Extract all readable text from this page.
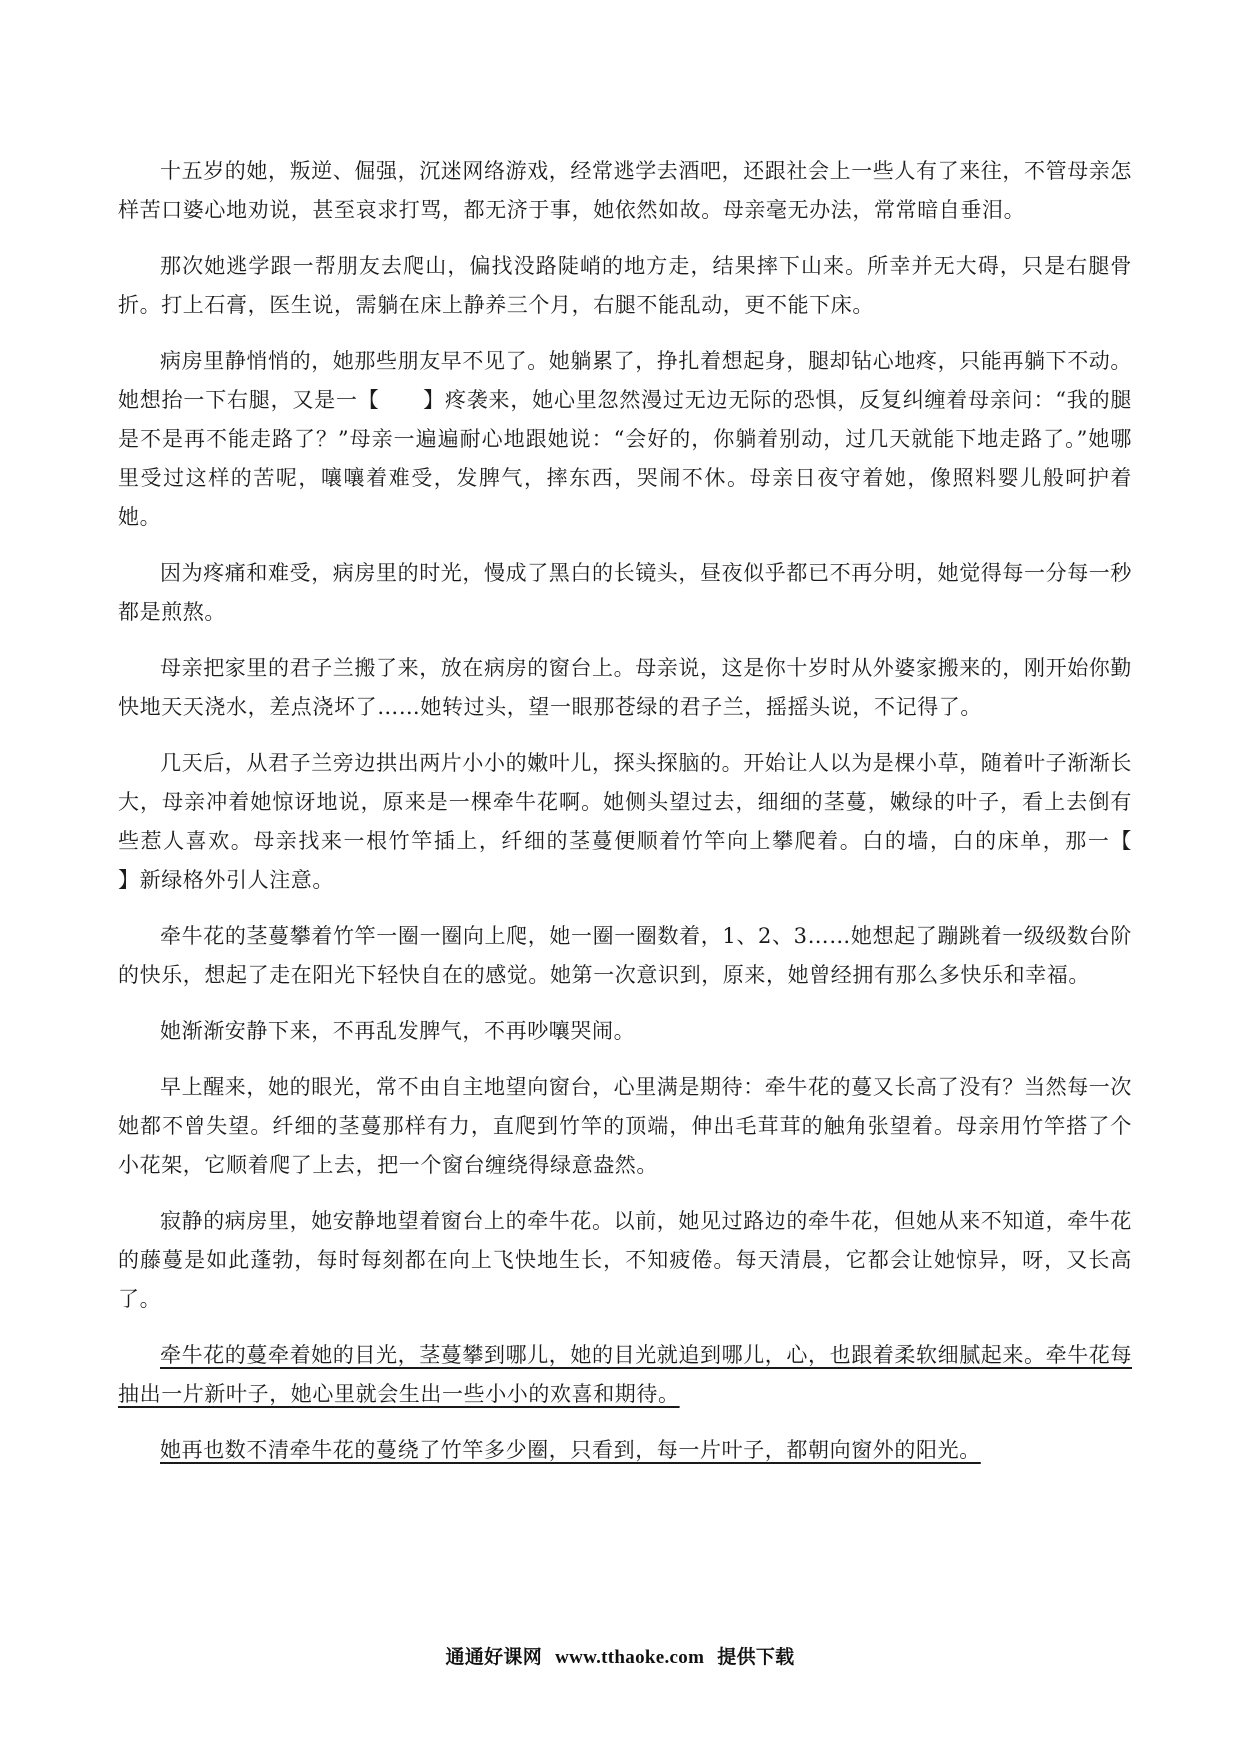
十五岁的她，叛逆、倔强，沉迷网络游戏，经常逃学去酒吧，还跟社会上一些人有了来往，不管母亲怎样苦口婆心地劝说，甚至哀求打骂，都无济于事，她依然如故。母亲毫无办法，常常暗自垂泪。

那次她逃学跟一帮朋友去爬山，偏找没路陡峭的地方走，结果摔下山来。所幸并无大碍，只是右腿骨折。打上石膏，医生说，需躺在床上静养三个月，右腿不能乱动，更不能下床。

病房里静悄悄的，她那些朋友早不见了。她躺累了，挣扎着想起身，腿却钻心地疼，只能再躺下不动。她想抬一下右腿，又是一【　　】疼袭来，她心里忽然漫过无边无际的恐惧，反复纠缠着母亲问：“我的腿是不是再不能走路了？”母亲一遍遍耐心地跟她说：“会好的，你躺着别动，过几天就能下地走路了。”她哪里受过这样的苦呢，嚷嚷着难受，发脾气，摔东西，哭闹不休。母亲日夜守着她，像照料婴儿般呵护着她。

因为疼痛和难受，病房里的时光，慢成了黑白的长镜头，昼夜似乎都已不再分明，她觉得每一分每一秒都是煎熬。

母亲把家里的君子兰搬了来，放在病房的窗台上。母亲说，这是你十岁时从外婆家搬来的，刚开始你勤快地天天浇水，差点浇坏了……她转过头，望一眼那苍绿的君子兰，摇摇头说，不记得了。

几天后，从君子兰旁边拱出两片小小的嫩叶儿，探头探脑的。开始让人以为是棵小草，随着叶子渐渐长大，母亲冲着她惊讶地说，原来是一棵牵牛花啊。她侧头望过去，细细的茎蔓，嫩绿的叶子，看上去倒有些惹人喜欢。母亲找来一根竹竿插上，纤细的茎蔓便顺着竹竿向上攀爬着。白的墙，白的床单，那一【　　】新绿格外引人注意。

牵牛花的茎蔓攀着竹竿一圈一圈向上爬，她一圈一圈数着，1、2、3……她想起了蹦跳着一级级数台阶的快乐，想起了走在阳光下轻快自在的感觉。她第一次意识到，原来，她曾经拥有那么多快乐和幸福。

她渐渐安静下来，不再乱发脾气，不再吵嚷哭闹。

早上醒来，她的眼光，常不由自主地望向窗台，心里满是期待：牵牛花的蔓又长高了没有？当然每一次她都不曾失望。纤细的茎蔓那样有力，直爬到竹竿的顶端，伸出毛茸茸的触角张望着。母亲用竹竿搭了个小花架，它顺着爬了上去，把一个窗台缠绕得绿意盎然。

寂静的病房里，她安静地望着窗台上的牵牛花。以前，她见过路边的牵牛花，但她从来不知道，牵牛花的藤蔓是如此蓬勃，每时每刻都在向上飞快地生长，不知疲倦。每天清晨，它都会让她惊异，呀，又长高了。

牵牛花的蔓牵着她的目光，茎蔓攀到哪儿，她的目光就追到哪儿，心，也跟着柔软细腻起来。牵牛花每抽出一片新叶子，她心里就会生出一些小小的欢喜和期待。

她再也数不清牵牛花的蔓绕了竹竿多少圈，只看到，每一片叶子，都朝向窗外的阳光。

通通好课网 www.tthaoke.com 提供下载
